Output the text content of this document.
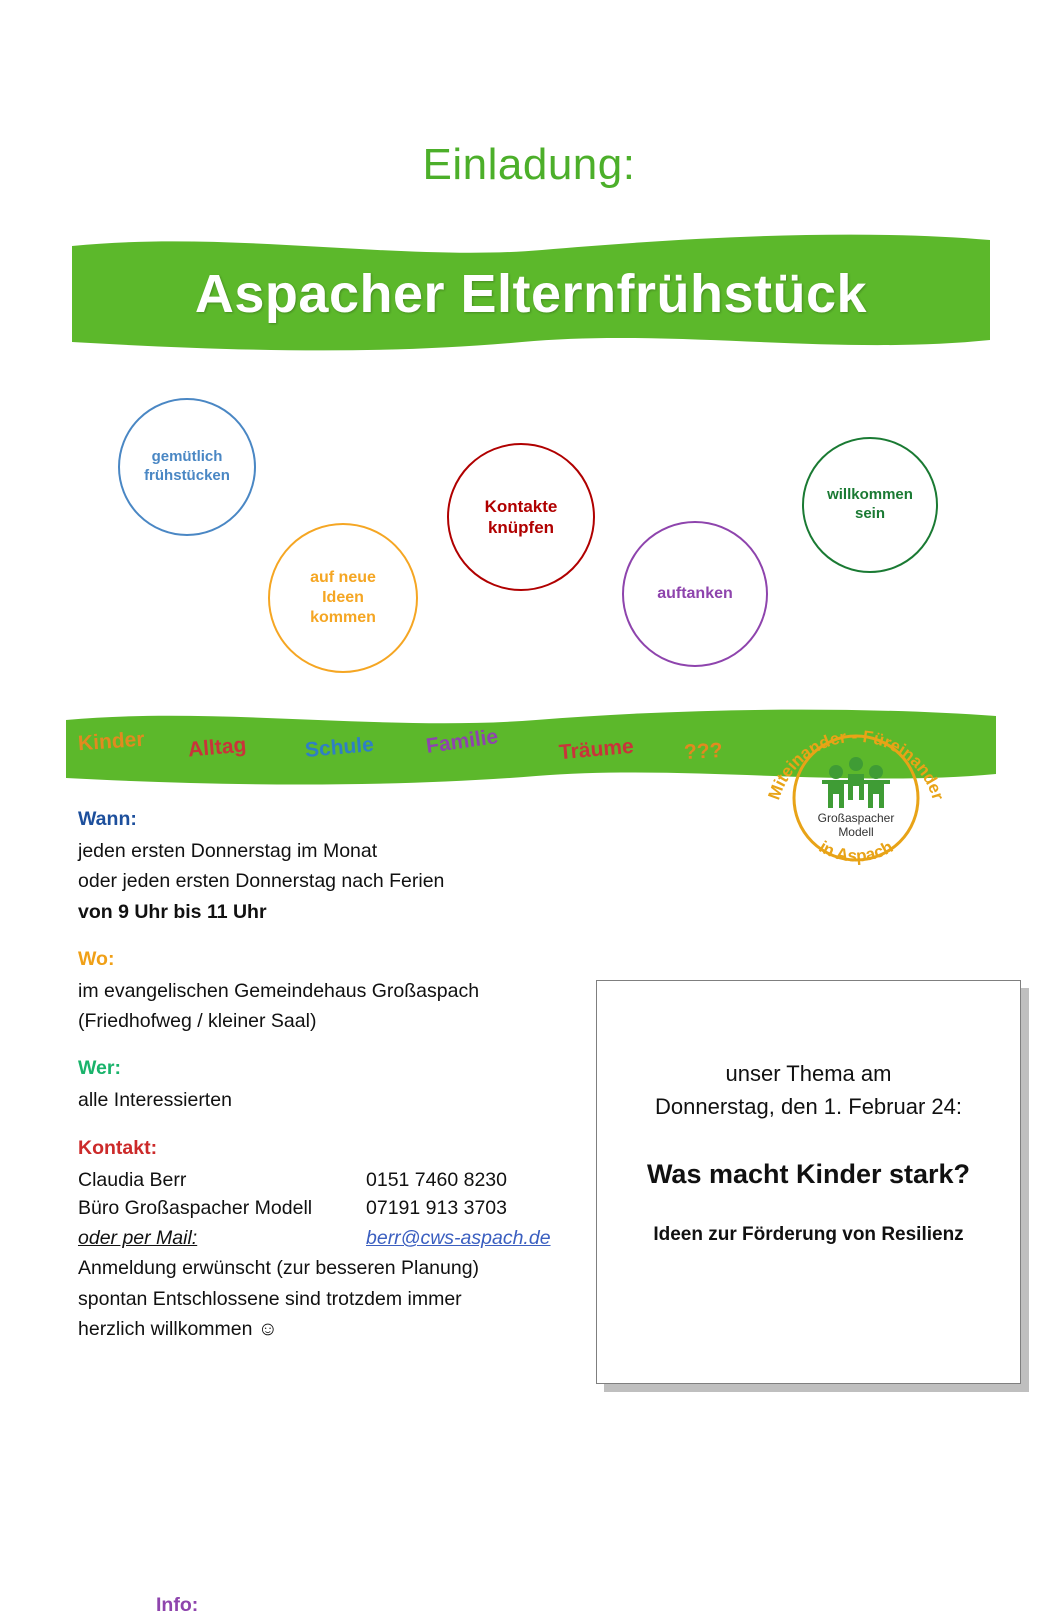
Einladung:
Aspacher Elternfrühstück
gemütlich
frühstücken
auf neue
Ideen
kommen
Kontakte
knüpfen
auftanken
willkommen
sein
Kinder Alltag	Schule Familie	Träume ???
Miteinander - Füreinander
in Aspach
Großaspacher
Modell
Wann:
jeden ersten Donnerstag im Monat
oder jeden ersten Donnerstag nach Ferien
von 9 Uhr bis 11 Uhr
Wo:
im evangelischen Gemeindehaus Großaspach
(Friedhofweg / kleiner Saal)
Wer:
alle Interessierten
Kontakt:
Claudia Berr	0151 7460 8230
Büro Großaspacher Modell	07191 913 3703
oder per Mail:	berr@cws-aspach.de
Info:
Anmeldung erwünscht (zur besseren Planung)
spontan Entschlossene sind trotzdem immer
herzlich willkommen ☺
unser Thema am
Donnerstag, den 1. Februar 24:
Was macht Kinder stark?
Ideen zur Förderung von Resilienz
